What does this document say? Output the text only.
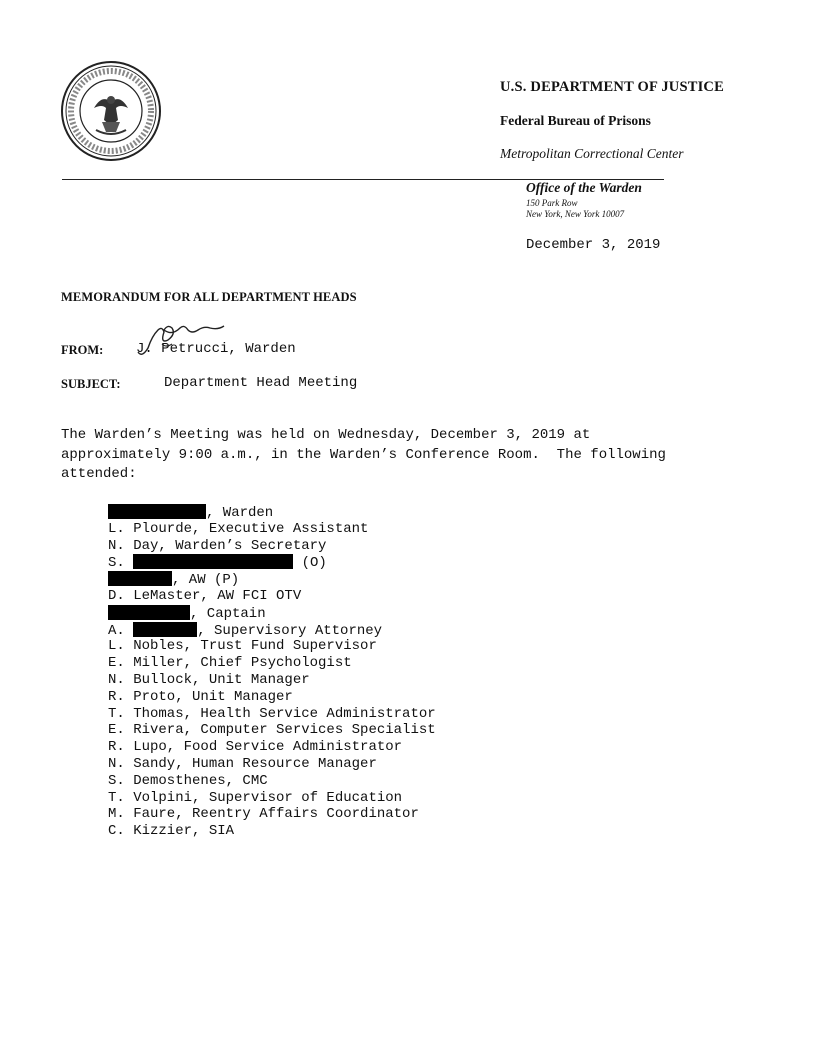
U.S. DEPARTMENT OF JUSTICE
Federal Bureau of Prisons
Metropolitan Correctional Center
Office of the Warden
150 Park Row
New York, New York 10007
December 3, 2019
MEMORANDUM FOR ALL DEPARTMENT HEADS
FROM: J. Petrucci, Warden
SUBJECT:	Department Head Meeting
The Warden’s Meeting was held on Wednesday, December 3, 2019 at
approximately 9:00 a.m., in the Warden’s Conference Room.  The following
attended:
, Warden
L. Plourde, Executive Assistant
N. Day, Warden’s Secretary
S.	(O)
, AW (P)
D. LeMaster, AW FCI OTV
, Captain
A.	, Supervisory Attorney
L. Nobles, Trust Fund Supervisor
E. Miller, Chief Psychologist
N. Bullock, Unit Manager
R. Proto, Unit Manager
T. Thomas, Health Service Administrator
E. Rivera, Computer Services Specialist
R. Lupo, Food Service Administrator
N. Sandy, Human Resource Manager
S. Demosthenes, CMC
T. Volpini, Supervisor of Education
M. Faure, Reentry Affairs Coordinator
C. Kizzier, SIA
